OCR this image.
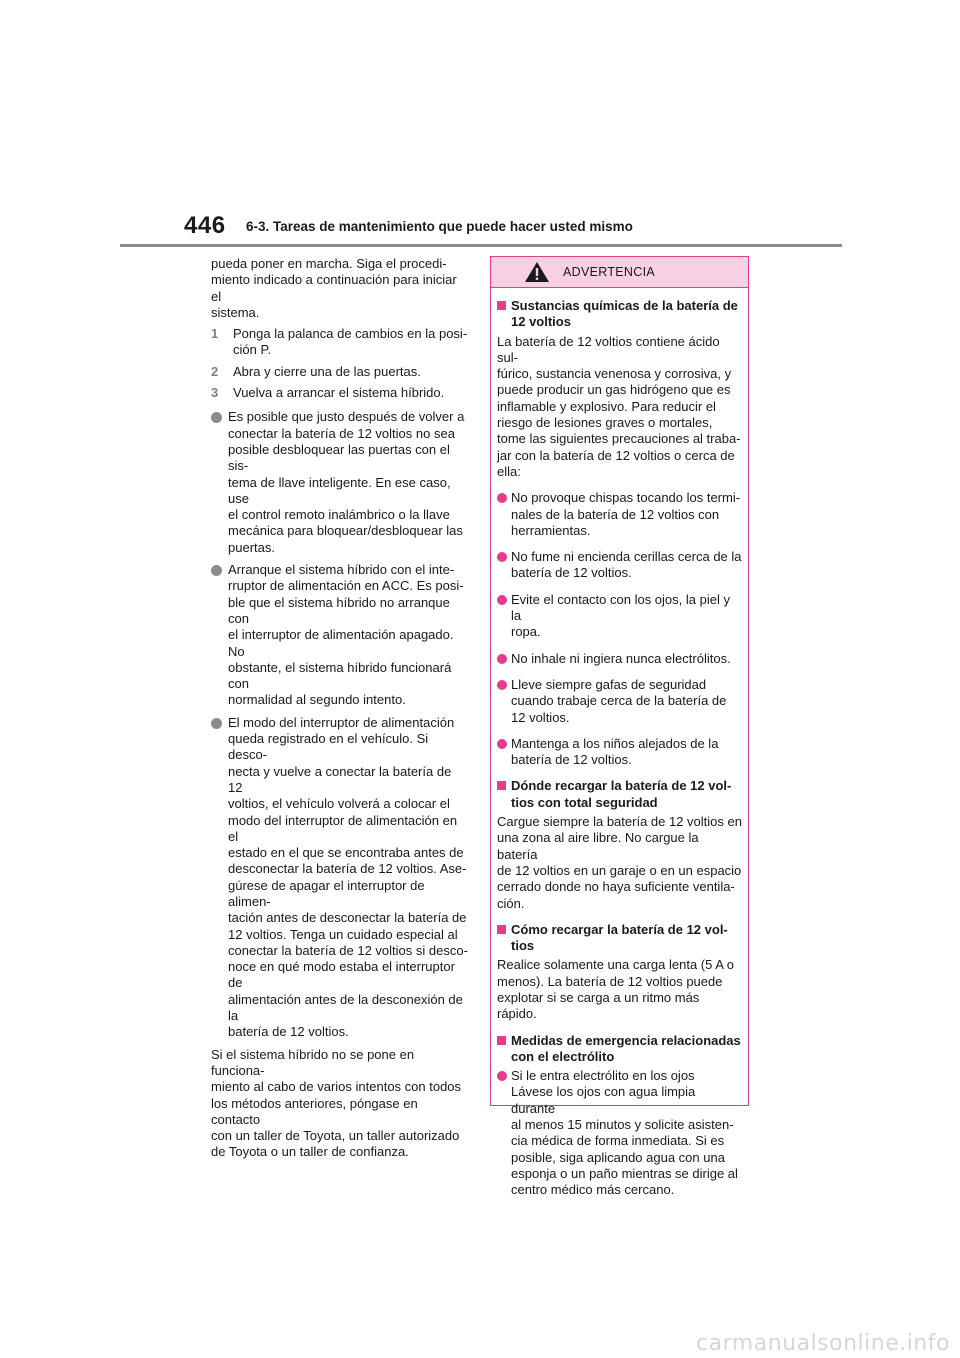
446 6-3. Tareas de mantenimiento que puede hacer usted mismo

pueda poner en marcha. Siga el procedi-
miento indicado a continuación para iniciar el
sistema.

1 Ponga la palanca de cambios en la posi-
ción P.
2 Abra y cierre una de las puertas.
3 Vuelva a arrancar el sistema híbrido.
Es posible que justo después de volver a
conectar la batería de 12 voltios no sea
posible desbloquear las puertas con el sis-
tema de llave inteligente. En ese caso, use
el control remoto inalámbrico o la llave
mecánica para bloquear/desbloquear las
puertas.
Arranque el sistema híbrido con el inte-
rruptor de alimentación en ACC. Es posi-
ble que el sistema híbrido no arranque con
el interruptor de alimentación apagado. No
obstante, el sistema híbrido funcionará con
normalidad al segundo intento.
El modo del interruptor de alimentación
queda registrado en el vehículo. Si desco-
necta y vuelve a conectar la batería de 12
voltios, el vehículo volverá a colocar el
modo del interruptor de alimentación en el
estado en el que se encontraba antes de
desconectar la batería de 12 voltios. Ase-
gúrese de apagar el interruptor de alimen-
tación antes de desconectar la batería de
12 voltios. Tenga un cuidado especial al
conectar la batería de 12 voltios si desco-
noce en qué modo estaba el interruptor de
alimentación antes de la desconexión de la
batería de 12 voltios.

Si el sistema híbrido no se pone en funciona-
miento al cabo de varios intentos con todos
los métodos anteriores, póngase en contacto
con un taller de Toyota, un taller autorizado
de Toyota o un taller de confianza.

ADVERTENCIA
Sustancias químicas de la batería de
12 voltios

La batería de 12 voltios contiene ácido sul-
fúrico, sustancia venenosa y corrosiva, y
puede producir un gas hidrógeno que es
inflamable y explosivo. Para reducir el
riesgo de lesiones graves o mortales,
tome las siguientes precauciones al traba-
jar con la batería de 12 voltios o cerca de
ella:

No provoque chispas tocando los termi-
nales de la batería de 12 voltios con
herramientas.
No fume ni encienda cerillas cerca de la
batería de 12 voltios.
Evite el contacto con los ojos, la piel y la
ropa.
No inhale ni ingiera nunca electrólitos.
Lleve siempre gafas de seguridad
cuando trabaje cerca de la batería de
12 voltios.
Mantenga a los niños alejados de la
batería de 12 voltios.
Dónde recargar la batería de 12 vol-
tios con total seguridad

Cargue siempre la batería de 12 voltios en
una zona al aire libre. No cargue la batería
de 12 voltios en un garaje o en un espacio
cerrado donde no haya suficiente ventila-
ción.

Cómo recargar la batería de 12 vol-
tios

Realice solamente una carga lenta (5 A o
menos). La batería de 12 voltios puede
explotar si se carga a un ritmo más rápido.

Medidas de emergencia relacionadas
con el electrólito
Si le entra electrólito en los ojos
Lávese los ojos con agua limpia durante
al menos 15 minutos y solicite asisten-
cia médica de forma inmediata. Si es
posible, siga aplicando agua con una
esponja o un paño mientras se dirige al
centro médico más cercano.
carmanualsonline.info
